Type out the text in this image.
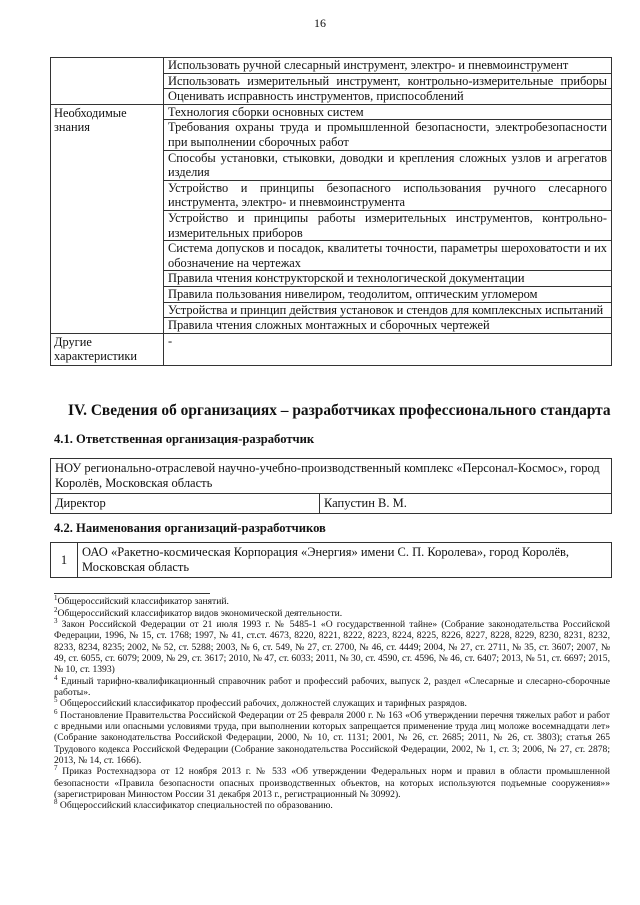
16
	Использовать ручной слесарный инструмент, электро- и пневмоинструмент
	Использовать измерительный инструмент, контрольно-измерительные приборы
	Оценивать исправность инструментов, приспособлений
Необходимые знания	Технология сборки основных систем
	Требования охраны труда и промышленной безопасности, электробезопасности при выполнении сборочных работ
	Способы установки, стыковки, доводки и крепления сложных узлов и агрегатов изделия
	Устройство и принципы безопасного использования ручного слесарного инструмента, электро- и пневмоинструмента
	Устройство и принципы работы измерительных инструментов, контрольно-измерительных приборов
	Система допусков и посадок, квалитеты точности, параметры шероховатости и их обозначение на чертежах
	Правила чтения конструкторской и технологической документации
	Правила пользования нивелиром, теодолитом, оптическим угломером
	Устройства и принцип действия установок и стендов для комплексных испытаний
	Правила чтения сложных монтажных и сборочных чертежей
Другие характеристики	-
IV. Сведения об организациях – разработчиках профессионального стандарта
4.1. Ответственная организация-разработчик
НОУ регионально-отраслевой научно-учебно-производственный комплекс «Персонал-Космос», город Королёв, Московская область
Директор	Капустин В. М.
4.2. Наименования организаций-разработчиков
1	ОАО «Ракетно-космическая Корпорация «Энергия» имени С. П. Королева», город Королёв, Московская область

$^1$Общероссийский классификатор занятий.

$^2$Общероссийский классификатор видов экономической деятельности.

$^3$ Закон Российской Федерации от 21 июля 1993 г. № 5485-1 «О государственной тайне» (Собрание законодательства Российской Федерации, 1996, № 15, ст. 1768; 1997, № 41, ст.ст. 4673, 8220, 8221, 8222, 8223, 8224, 8225, 8226, 8227, 8228, 8229, 8230, 8231, 8232, 8233, 8234, 8235; 2002, № 52, ст. 5288; 2003, № 6, ст. 549, № 27, ст. 2700, № 46, ст. 4449; 2004, № 27, ст. 2711, № 35, ст. 3607; 2007, № 49, ст. 6055, ст. 6079; 2009, № 29, ст. 3617; 2010, № 47, ст. 6033; 2011, № 30, ст. 4590, ст. 4596, № 46, ст. 6407; 2013, № 51, ст. 6697; 2015, № 10, ст. 1393)

$^4$ Единый тарифно-квалификационный справочник работ и профессий рабочих, выпуск 2, раздел «Слесарные и слесарно-сборочные работы».

$^5$ Общероссийский классификатор профессий рабочих, должностей служащих и тарифных разрядов.

$^6$ Постановление Правительства Российской Федерации от 25 февраля 2000 г. № 163 «Об утверждении перечня тяжелых работ и работ с вредными или опасными условиями труда, при выполнении которых запрещается применение труда лиц моложе восемнадцати лет» (Собрание законодательства Российской Федерации, 2000, № 10, ст. 1131; 2001, № 26, ст. 2685; 2011, № 26, ст. 3803); статья 265 Трудового кодекса Российской Федерации (Собрание законодательства Российской Федерации, 2002, № 1, ст. 3; 2006, № 27, ст. 2878; 2013, № 14, ст. 1666).

$^7$ Приказ Ростехнадзора от 12 ноября 2013 г. № 533 «Об утверждении Федеральных норм и правил в области промышленной безопасности «Правила безопасности опасных производственных объектов, на которых используются подъемные сооружения»» (зарегистрирован Минюстом России 31 декабря 2013 г., регистрационный № 30992).

$^8$ Общероссийский классификатор специальностей по образованию.
